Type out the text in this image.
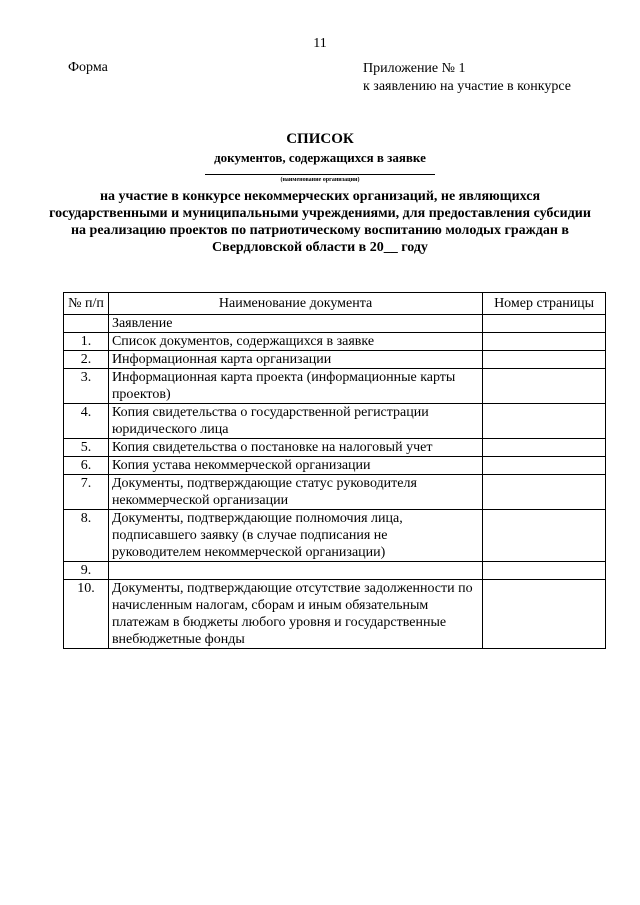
11
Форма	Приложение № 1
к заявлению на участие в конкурсе
СПИСОК
документов, содержащихся в заявке
(наименование организации)
на участие в конкурсе некоммерческих организаций, не являющихся государственными и муниципальными учреждениями, для предоставления субсидии на реализацию проектов по патриотическому воспитанию молодых граждан в Свердловской области в 20__ году
№ п/п	Наименование документа	Номер страницы
	Заявление	
1.	Список документов, содержащихся в заявке	
2.	Информационная карта организации	
3.	Информационная карта проекта (информационные карты проектов)	
4.	Копия свидетельства о государственной регистрации юридического лица	
5.	Копия свидетельства о постановке на налоговый учет	
6.	Копия устава некоммерческой организации	
7.	Документы, подтверждающие статус руководителя некоммерческой организации	
8.	Документы, подтверждающие полномочия лица, подписавшего заявку (в случае подписания не руководителем некоммерческой организации)	
9.		
10.	Документы, подтверждающие отсутствие задолженности по начисленным налогам, сборам и иным обязательным платежам в бюджеты любого уровня и государственные внебюджетные фонды	
